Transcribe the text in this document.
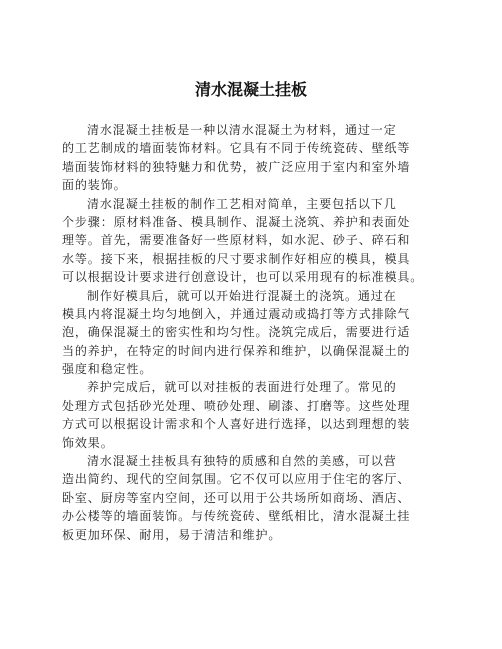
清水混凝土挂板

清水混凝土挂板是一种以清水混凝土为材料，通过一定
的工艺制成的墙面装饰材料。它具有不同于传统瓷砖、壁纸等
墙面装饰材料的独特魅力和优势，被广泛应用于室内和室外墙
面的装饰。

清水混凝土挂板的制作工艺相对简单，主要包括以下几
个步骤：原材料准备、模具制作、混凝土浇筑、养护和表面处
理等。首先，需要准备好一些原材料，如水泥、砂子、碎石和
水等。接下来，根据挂板的尺寸要求制作好相应的模具，模具
可以根据设计要求进行创意设计，也可以采用现有的标准模具。

制作好模具后，就可以开始进行混凝土的浇筑。通过在
模具内将混凝土均匀地倒入，并通过震动或捣打等方式排除气
泡，确保混凝土的密实性和均匀性。浇筑完成后，需要进行适
当的养护，在特定的时间内进行保养和维护，以确保混凝土的
强度和稳定性。

养护完成后，就可以对挂板的表面进行处理了。常见的
处理方式包括砂光处理、喷砂处理、刷漆、打磨等。这些处理
方式可以根据设计需求和个人喜好进行选择，以达到理想的装
饰效果。

清水混凝土挂板具有独特的质感和自然的美感，可以营
造出简约、现代的空间氛围。它不仅可以应用于住宅的客厅、
卧室、厨房等室内空间，还可以用于公共场所如商场、酒店、
办公楼等的墙面装饰。与传统瓷砖、壁纸相比，清水混凝土挂
板更加环保、耐用，易于清洁和维护。
